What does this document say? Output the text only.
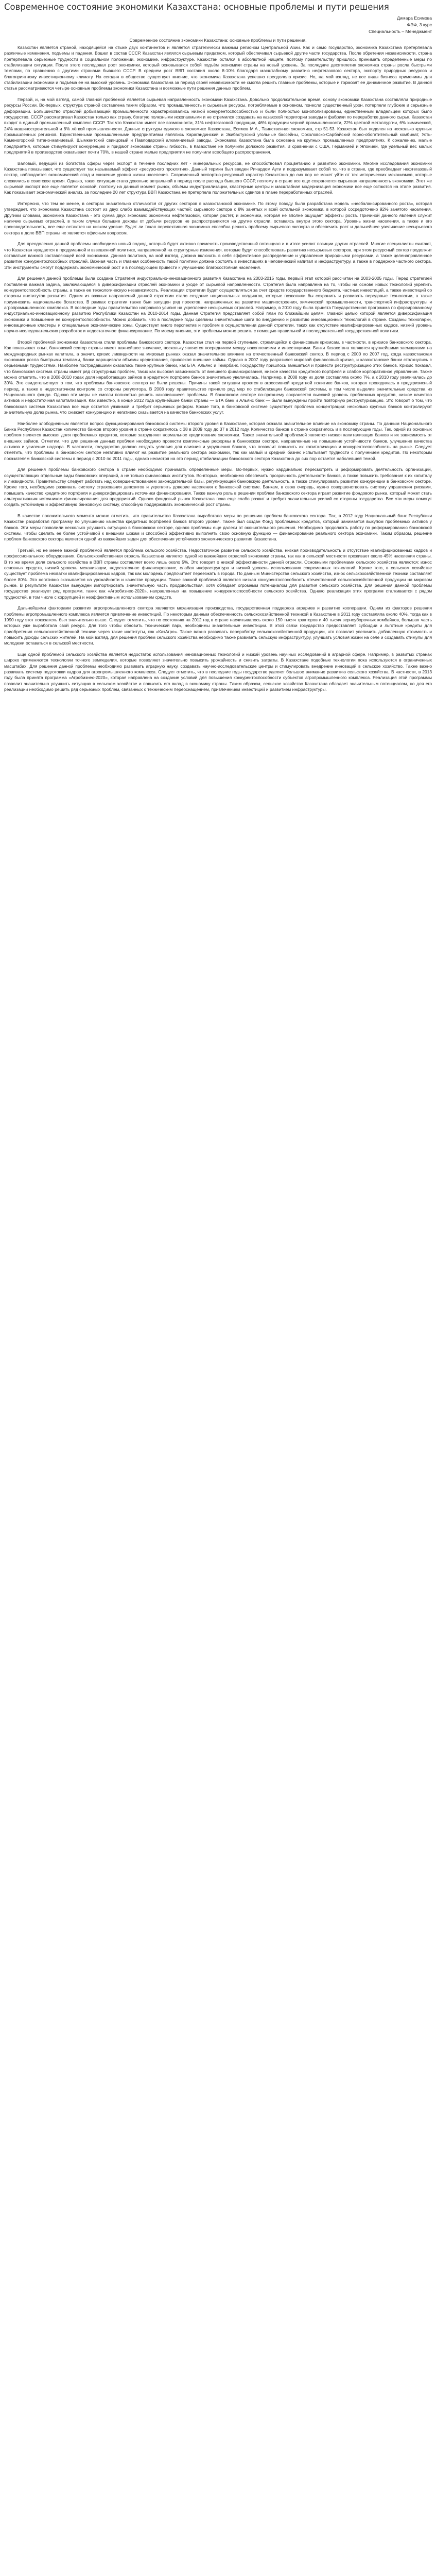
Современное состояние экономики Казахстана: основные проблемы и пути решения

Димара Есимова

ФЭФ, 3 курс

Специальность – Менеджмент

Современное состояние экономики Казахстана: основные проблемы и пути решения.

Казахстан является страной, находящейся на стыке двух континентов и является стратегически важным регионом Центральной Азии. Как и само государство, экономика Казахстана претерпевала различные изменения, подъемы и падения. Вошел в состав СССР, Казахстан являлся сырьевым придатком, который обеспечивал сырьевой другие части государства. После обретения независимости, страна претерпевала серьезные трудности в социальном положении, экономике, инфраструктуре. Казахстан остался в абсолютной нищете, поэтому правительству пришлось принимать определенные меры по стабилизации ситуации. После этого последовал рост экономики, который основывался собой подъём экономики страны на новый уровень. За последние десятилетия экономика страны росла быстрыми темпами, по сравнению с другими странами бывшего СССР. В среднем рост ВВП составил около 8-10% благодаря масштабному развитию нефтегазового сектора, экспорту природных ресурсов и благоприятному инвестиционному климату. На сегодня в обществе существует мнение, что экономика Казахстана успешно преодолела кризис. Но, на мой взгляд, не все виды бизнеса применимы для стабилизации экономики и подъёма ее на высокий уровень. Экономика Казахстана за период своей независимости не смогла решить главные проблемы, которые и тормозят ее динамичное развитие. В данной статье рассматриваются четыре основные проблемы экономики Казахстана и возможные пути решения данных проблем.

Первой, и, на мой взгляд, самой главной проблемой является сырьевая направленность экономики Казахстана. Довольно продолжительное время, основу экономики Казахстана составляли природные ресурсы России. Во-первых, структура страной составлена таким образом, что промышленность и сырьевые ресурсы, потребляемые в основном, понесли существенный урон, потерпели глубокие и серьезные деформации. Большинство отраслей добывающей промышленности характеризовались низкой конкурентоспособностью и были полностью монополизированы, единственным владельцем которых было государство. СССР рассматривал Казахстан только как страну, богатую полезными ископаемыми и не стремился создавать на казахской территории заводы и фабрики по переработке данного сырья. Казахстан входит в единый промышленный комплекс СССР. Так что Казахстан имеет все возможности, 31% нефтегазовой продукции, 46% продукции черной промышленности, 22% цветной металлургии, 6% химической, 24% машиностроительной и 8% лёгкой промышленности. Данные структуры единого в экономике Казахстана, Есимов М.А., Таинственная экономика, стр 51-53. Казахстан был поделен на несколько крупных промышленных регионов. Единственными промышленными предприятиями являлись Карагандинский и Экибастузский угольные бассейны, Соколовско-Сарбайский горно-обогатительный комбинат, Усть-Каменогорский титано-магниевый, Шымкентский свинцовый и Павлодарский алюминиевый заводы. Экономика Казахстана была основана на крупных промышленных предприятиях. К сожалению, малые предприятия, которые стимулируют конкуренцию и придают экономике страны гибкость, в Казахстане не получили должного развития. В сравнении с США, Германией и Японией, где удельный вес малых предприятий в производстве охватывает почти 70%, в нашей стране малые предприятия не получили всеобщего распространения.

Валовый, ведущий из богатства сферы через экспорт в течение последних лет - минеральных ресурсов, не способствовал процветанию и развитию экономики. Многие исследования экономики Казахстана показывают, что существует так называемый эффект «ресурсного проклятия». Данный термин был введен Ричардом Аути и подразумевает собой то, что в стране, где преобладает нефтегазовый сектор, наблюдается экономический спад и снижение уровня жизни населения. Современный экспортно-ресурсный характер Казахстана до сих пор не может уйти от тех исторических механизмов, которые сложились в советское время. Однако, такая ситуация стала довольно актуальной в период после распада бывшего СССР, поэтому в стране все еще сохраняется сырьевая направленность экономики. Этот же сырьевой экспорт все еще является основой, поэтому на данный момент рынок, объёмы индустриализации, кластерные центры и масштабная модернизация экономики все еще остаются на этапе развития. Как показывает экономический анализ, за последние 20 лет структура ВВП Казахстана не претерпела положительных сдвигов в плане переработанных отраслей.

Интересно, что тем не менее, в секторах значительно отличаются от других секторов в казахстанской экономике. По этому поводу была разработана модель «несбалансированного роста», которая утверждает, что экономика Казахстана состоит из двух слабо взаимодействующих частей: сырьевого сектора с 8% занятых и всей остальной экономики, в которой сосредоточено 92% занятого населения. Другими словами, экономика Казахстана - это сумма двух экономик: экономики нефтегазовой, которая растет, и экономики, которая не вполне ощущает эффекты роста. Причиной данного явления служит наличие сырьевых отраслей, в таком случае большие доходы от добычи ресурсов не распространяются на другие отрасли, оставаясь внутри этого сектора. Уровень жизни населения, а также и его производительность, все еще остаются на низком уровне. Будет ли такая перспективная экономика способна решить проблему сырьевого экспорта и обеспечить рост и дальнейшее увеличение несырьевого сектора в доле ВВП страны не является офисным вопросом.

Для преодоления данной проблемы необходимо новый подход, который будет активно применять производственный потенциал и в итоге усилит позиции других отраслей. Многие специалисты считают, что Казахстан нуждается в продуманной и взвешенной политике, направленной на структурные изменения, которые будут способствовать развитию несырьевых секторов, при этом ресурсный сектор продолжит оставаться важной составляющей всей экономики. Данная политика, на мой взгляд, должна включать в себя эффективное распределение и управление природными ресурсами, а также целенаправленное развитие конкурентоспособных отраслей. Важная часть и главная особенность такой политики должна состоять в инвестициях в человеческий капитал и инфраструктуру, а также в поддержке частного сектора. Эти инструменты смогут поддержать экономический рост и в последующем привести к улучшению благосостояния населения.

Для решения данной проблемы была создана Стратегия индустриально-инновационного развития Казахстана на 2003-2015 годы, первый этап которой рассчитан на 2003-2005 годы. Перед стратегией поставлена важная задача, заключающаяся в диверсификации отраслей экономики и уходе от сырьевой направленности. Стратегия была направлена на то, чтобы на основе новых технологий укрепить конкурентоспособность страны, а также ее технологическую независимость. Реализация стратегии будет осуществляться за счет средств государственного бюджета, частных инвестиций, а также инвестиций со стороны институтов развития. Одним из важных направлений данной стратегии стало создание национальных холдингов, которые позволили бы сохранить и развивать передовые технологии, а также приумножить национальное богатство. В рамках стратегии также был запущен ряд проектов, направленных на развитие машиностроения, химической промышленности, транспортной инфраструктуры и агропромышленного комплекса. В последние годы правительство направило усилия на укрепление несырьевых отраслей. Например, в 2010 году была принята Государственная программа по форсированному индустриально-инновационному развитию Республики Казахстан на 2010-2014 годы. Данная Стратегия представляет собой план по ближайшим целям, главной целью которой является диверсификация экономики и повышение ее конкурентоспособности. Можно добавить, что в последние годы сделаны значительные шаги по внедрению и развитию инновационных технологий в стране. Созданы технопарки, инновационные кластеры и специальные экономические зоны. Существует много перспектив и проблем в осуществлении данной стратегии, таких как отсутствие квалифицированных кадров, низкий уровень научно-исследовательских разработок и недостаточное финансирование. По моему мнению, эти проблемы можно решить с помощью правильной и последовательной государственной политики.

Второй проблемой экономики Казахстана стали проблемы банковского сектора. Казахстан стал на первой ступеньке, стремящейся к финансовым кризисам, в частности, в кризисе банковского сектора. Как показывает опыт, банковский сектор страны имеет важнейшее значение, поскольку является посредником между накоплениями и инвестициями. Банки Казахстана являются крупнейшими заемщиками на международных рынках капитала, а значит, кризис ликвидности на мировых рынках оказал значительное влияние на отечественный банковский сектор. В период с 2000 по 2007 год, когда казахстанская экономика росла быстрыми темпами, банки наращивали объемы кредитования, привлекая внешние займы. Однако в 2007 году разразился мировой финансовый кризис, и казахстанские банки столкнулись с серьезными трудностями. Наиболее пострадавшими оказались такие крупные банки, как БТА, Альянс и Темірбанк. Государству пришлось вмешаться и провести реструктуризацию этих банков. Кризис показал, что банковская система страны имеет ряд структурных проблем, таких как высокая зависимость от внешнего финансирования, низкое качество кредитного портфеля и слабое корпоративное управление. Также можно отметить, что в 2008-2010 годах доля неработающих займов в кредитном портфеле банков значительно увеличилась. Например, в 2008 году их доля составляла около 7%, а к 2010 году увеличилась до 30%. Это свидетельствует о том, что проблемы банковского сектора не были решены. Причины такой ситуации кроются в агрессивной кредитной политике банков, которая проводилась в предкризисный период, а также в недостаточном контроле со стороны регулятора. В 2008 году правительство приняло ряд мер по стабилизации банковской системы, в том числе выделив значительные средства из Национального фонда. Однако эти меры не смогли полностью решить накопившиеся проблемы. В банковском секторе по-прежнему сохраняется высокий уровень проблемных кредитов, низкое качество активов и недостаточная капитализация. Как известно, в конце 2012 года крупнейшие банки страны — БТА банк и Альянс банк — были вынуждены пройти повторную реструктуризацию. Это говорит о том, что банковская система Казахстана все еще остается уязвимой и требует серьезных реформ. Кроме того, в банковской системе существует проблема концентрации: несколько крупных банков контролируют значительную долю рынка, что снижает конкуренцию и негативно сказывается на качестве банковских услуг.

Наиболее злободневным является вопрос функционирования банковской системы второго уровня в Казахстане, которая оказала значительное влияние на экономику страны. По данным Национального Банка Республики Казахстан количество банков второго уровня в стране сократилось с 38 в 2009 году до 37 в 2012 году. Количество банков в стране сократилось и в последующие годы. Так, одной из основных проблем является высокая доля проблемных кредитов, которые затрудняют нормальное кредитование экономики. Также значительной проблемой является низкая капитализация банков и их зависимость от внешних займов. Отметим, что для решения данных проблем необходимо провести комплексные реформы в банковском секторе, направленные на повышение устойчивости банков, улучшение качества активов и усиление надзора. В частности, государство должно создать условия для слияния и укрупнения банков, что позволит повысить их капитализацию и конкурентоспособность на рынке. Следует отметить, что проблемы в банковском секторе негативно влияют на развитие реального сектора экономики, так как малый и средний бизнес испытывает трудности с получением кредитов. По некоторым показателям банковской системы в период с 2010 по 2011 годы, однако несмотря на это период стабилизации банковского сектора Казахстана до сих пор остается наболевшей темой.

Для решения проблемы банковского сектора в стране необходимо принимать определенные меры. Во-первых, нужно кардинально пересмотреть и реформировать деятельность организаций, осуществляющих отдельные виды банковских операций, а не только финансовых институтов. Во-вторых, необходимо обеспечить прозрачность деятельности банков, а также повысить требования к их капиталу и ликвидности. Правительству следует работать над совершенствованием законодательной базы, регулирующей банковскую деятельность, а также стимулировать развитие конкуренции в банковском секторе. Кроме того, необходимо развивать систему страхования депозитов и укреплять доверие населения к банковской системе. Банкам, в свою очередь, нужно совершенствовать систему управления рисками, повышать качество кредитного портфеля и диверсифицировать источники финансирования. Также важную роль в решении проблем банковского сектора играет развитие фондового рынка, который может стать альтернативным источником финансирования для предприятий. Однако фондовый рынок Казахстана пока еще слабо развит и требует значительных усилий со стороны государства. Все эти меры помогут создать устойчивую и эффективную банковскую систему, способную поддерживать экономический рост страны.

В качестве положительного момента можно отметить, что правительство Казахстана выработало меры по решению проблем банковского сектора. Так, в 2012 году Национальный банк Республики Казахстан разработал программу по улучшению качества кредитных портфелей банков второго уровня. Также был создан Фонд проблемных кредитов, который занимается выкупом проблемных активов у банков. Эти меры позволили несколько улучшить ситуацию в банковском секторе, однако проблемы еще далеки от окончательного решения. Необходимо продолжать работу по реформированию банковской системы, чтобы сделать ее более устойчивой к внешним шокам и способной эффективно выполнять свою основную функцию — финансирование реального сектора экономики. Таким образом, решение проблем банковского сектора является одной из важнейших задач для обеспечения устойчивого экономического развития Казахстана.

Третьей, но не менее важной проблемой является проблема сельского хозяйства. Недостаточное развитие сельского хозяйства, низкая производительность и отсутствие квалифицированных кадров и профессионального оборудования. Сельскохозяйственная отрасль Казахстана является одной из важнейших отраслей экономики страны, так как в сельской местности проживает около 45% населения страны. В то же время доля сельского хозяйства в ВВП страны составляет всего лишь около 5%. Это говорит о низкой эффективности данной отрасли. Основными проблемами сельского хозяйства являются: износ основных средств, низкий уровень механизации, недостаточное финансирование, слабая инфраструктура и низкий уровень использования современных технологий. Кроме того, в сельском хозяйстве существует проблема нехватки квалифицированных кадров, так как молодежь предпочитает переезжать в города. По данным Министерства сельского хозяйства, износ сельскохозяйственной техники составляет более 80%. Это негативно сказывается на урожайности и качестве продукции. Также важной проблемой является низкая конкурентоспособность отечественной сельскохозяйственной продукции на мировом рынке. В результате Казахстан вынужден импортировать значительную часть продовольствия, хотя обладает огромным потенциалом для развития сельского хозяйства. Для решения данной проблемы государство реализует ряд программ, таких как «Агробизнес-2020», направленных на повышение конкурентоспособности сельского хозяйства. Однако реализация этих программ сталкивается с рядом трудностей, в том числе с коррупцией и неэффективным использованием средств.

Дальнейшими факторами развития агропромышленного сектора являются механизация производства, государственная поддержка аграриев и развитие кооперации. Одним из факторов решения проблемы агропромышленного комплекса является привлечение инвестиций. По некоторым данным обеспеченность сельскохозяйственной техникой в Казахстане в 2011 году составляла около 40%, тогда как в 1990 году этот показатель был значительно выше. Следует отметить, что по состоянию на 2012 год в стране насчитывалось около 150 тысяч тракторов и 40 тысяч зерноуборочных комбайнов, большая часть которых уже выработала свой ресурс. Для того чтобы обновить технический парк, необходимы значительные инвестиции. В этой связи государство предоставляет субсидии и льготные кредиты для приобретения сельскохозяйственной техники через такие институты, как «КазАгро». Также важно развивать переработку сельскохозяйственной продукции, что позволит увеличить добавленную стоимость и повысить доходы сельских жителей. На мой взгляд, для решения проблем сельского хозяйства необходимо также развивать сельскую инфраструктуру, улучшать условия жизни на селе и создавать стимулы для молодежи оставаться в сельской местности.

Еще одной проблемой сельского хозяйства является недостаток использования инновационных технологий и низкий уровень научных исследований в аграрной сфере. Например, в развитых странах широко применяются технологии точного земледелия, которые позволяют значительно повысить урожайность и снизить затраты. В Казахстане подобные технологии пока используются в ограниченных масштабах. Для решения данной проблемы необходимо развивать аграрную науку, создавать научно-исследовательские центры и стимулировать внедрение инноваций в сельское хозяйство. Также важно развивать систему подготовки кадров для агропромышленного комплекса. Следует отметить, что в последние годы государство уделяет большое внимание развитию сельского хозяйства. В частности, в 2013 году была принята программа «Агробизнес-2020», которая направлена на создание условий для повышения конкурентоспособности субъектов агропромышленного комплекса. Реализация этой программы позволит значительно улучшить ситуацию в сельском хозяйстве и повысить его вклад в экономику страны. Таким образом, сельское хозяйство Казахстана обладает значительным потенциалом, но для его реализации необходимо решить ряд серьезных проблем, связанных с техническим переоснащением, привлечением инвестиций и развитием инфраструктуры.
